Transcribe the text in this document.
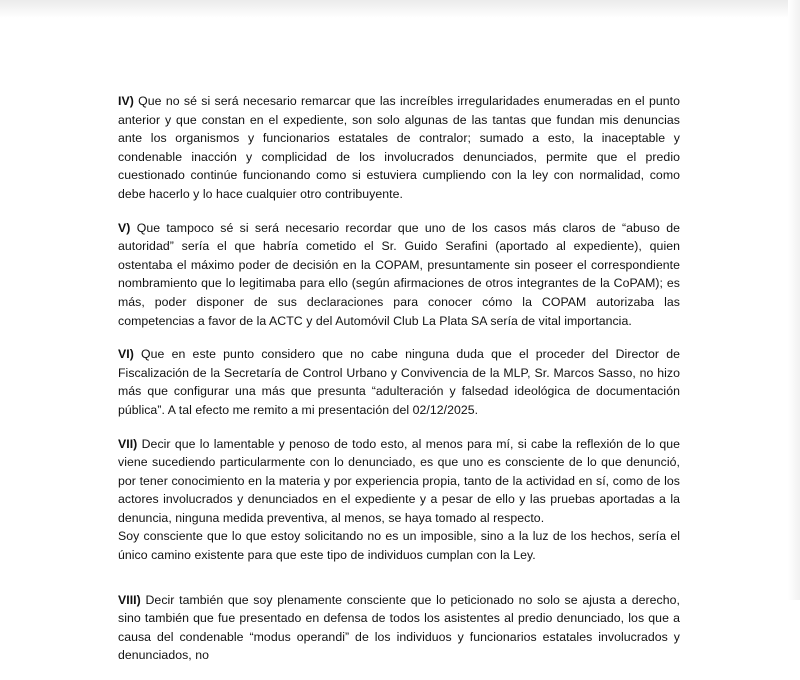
IV) Que no sé si será necesario remarcar que las increíbles irregularidades enumeradas en el punto anterior y que constan en el expediente, son solo algunas de las tantas que fundan mis denuncias ante los organismos y funcionarios estatales de contralor; sumado a esto, la inaceptable y condenable inacción y complicidad de los involucrados denunciados, permite que el predio cuestionado continúe funcionando como si estuviera cumpliendo con la ley con normalidad, como debe hacerlo y lo hace cualquier otro contribuyente.

V) Que tampoco sé si será necesario recordar que uno de los casos más claros de “abuso de autoridad” sería el que habría cometido el Sr. Guido Serafini (aportado al expediente), quien ostentaba el máximo poder de decisión en la COPAM, presuntamente sin poseer el correspondiente nombramiento que lo legitimaba para ello (según afirmaciones de otros integrantes de la CoPAM); es más, poder disponer de sus declaraciones para conocer cómo la COPAM autorizaba las competencias a favor de la ACTC y del Automóvil Club La Plata SA sería de vital importancia.

VI) Que en este punto considero que no cabe ninguna duda que el proceder del Director de Fiscalización de la Secretaría de Control Urbano y Convivencia de la MLP, Sr. Marcos Sasso, no hizo más que configurar una más que presunta “adulteración y falsedad ideológica de documentación pública”. A tal efecto me remito a mi presentación del 02/12/2025.

VII) Decir que lo lamentable y penoso de todo esto, al menos para mí, si cabe la reflexión de lo que viene sucediendo particularmente con lo denunciado, es que uno es consciente de lo que denunció, por tener conocimiento en la materia y por experiencia propia, tanto de la actividad en sí, como de los actores involucrados y denunciados en el expediente y a pesar de ello y las pruebas aportadas a la denuncia, ninguna medida preventiva, al menos, se haya tomado al respecto.
Soy consciente que lo que estoy solicitando no es un imposible, sino a la luz de los hechos, sería el único camino existente para que este tipo de individuos cumplan con la Ley.

VIII) Decir también que soy plenamente consciente que lo peticionado no solo se ajusta a derecho, sino también que fue presentado en defensa de todos los asistentes al predio denunciado, los que a causa del condenable “modus operandi” de los individuos y funcionarios estatales involucrados y denunciados, no
